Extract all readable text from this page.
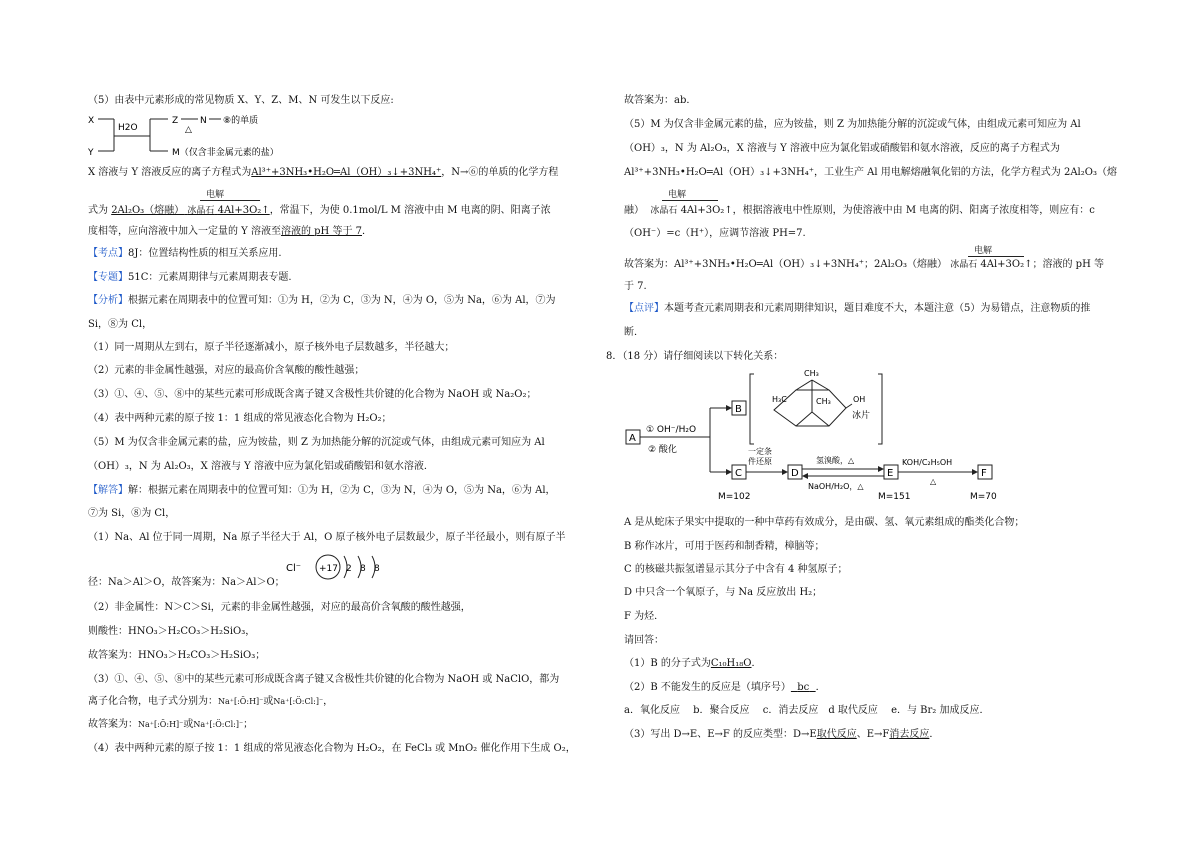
（5）由表中元素形成的常见物质 X、Y、Z、M、N 可发生以下反应:
X
Y
H2O
Z
△
N ⑧的单质
M（仅含非金属元素的盐）
X 溶液与 Y 溶液反应的离子方程式为Al³⁺+3NH₃•H₂O═Al（OH）₃↓+3NH₄⁺，N→⑥的单质的化学方程
电解
式为 2Al₂O₃（熔融） 冰晶石 4Al+3O₂↑，常温下，为使 0.1mol/L M 溶液中由 M 电离的阴、阳离子浓
度相等，应向溶液中加入一定量的 Y 溶液至溶液的 pH 等于 7．
【考点】8J：位置结构性质的相互关系应用.
【专题】51C：元素周期律与元素周期表专题.
【分析】根据元素在周期表中的位置可知：①为 H，②为 C，③为 N，④为 O，⑤为 Na，⑥为 Al，⑦为
Si，⑧为 Cl，
（1）同一周期从左到右，原子半径逐渐减小，原子核外电子层数越多，半径越大；
（2）元素的非金属性越强，对应的最高价含氧酸的酸性越强；
（3）①、④、⑤、⑧中的某些元素可形成既含离子键又含极性共价键的化合物为 NaOH 或 Na₂O₂；
（4）表中两种元素的原子按 1：1 组成的常见液态化合物为 H₂O₂；
（5）M 为仅含非金属元素的盐，应为铵盐，则 Z 为加热能分解的沉淀或气体，由组成元素可知应为 Al
（OH）₃，N 为 Al₂O₃，X 溶液与 Y 溶液中应为氯化铝或硝酸铝和氨水溶液．
【解答】解：根据元素在周期表中的位置可知：①为 H，②为 C，③为 N，④为 O，⑤为 Na，⑥为 Al，
⑦为 Si，⑧为 Cl，
（1）Na、Al 位于同一周期，Na 原子半径大于 Al，O 原子核外电子层数最少，原子半径最小，则有原子半
Cl⁻ +17 2 8 8
径：Na＞Al＞O，故答案为：Na＞Al＞O；
（2）非金属性：N＞C＞Si，元素的非金属性越强，对应的最高价含氧酸的酸性越强，
则酸性：HNO₃＞H₂CO₃＞H₂SiO₃，
故答案为：HNO₃＞H₂CO₃＞H₂SiO₃；
（3）①、④、⑤、⑧中的某些元素可形成既含离子键又含极性共价键的化合物为 NaOH 或 NaClO，都为
离子化合物，电子式分别为：Na⁺[:Ö:H]⁻或Na⁺[:Ö:Cl:]⁻，
故答案为：Na⁺[:Ö:H]⁻或Na⁺[:Ö:Cl:]⁻；
（4）表中两种元素的原子按 1：1 组成的常见液态化合物为 H₂O₂，在 FeCl₃ 或 MnO₂ 催化作用下生成 O₂，
故答案为：ab．
（5）M 为仅含非金属元素的盐，应为铵盐，则 Z 为加热能分解的沉淀或气体，由组成元素可知应为 Al
（OH）₃，N 为 Al₂O₃，X 溶液与 Y 溶液中应为氯化铝或硝酸铝和氨水溶液，反应的离子方程式为
Al³⁺+3NH₃•H₂O═Al（OH）₃↓+3NH₄⁺，工业生产 Al 用电解熔融氧化铝的方法，化学方程式为 2Al₂O₃（熔
电解
融） 冰晶石 4Al+3O₂↑，根据溶液电中性原则，为使溶液中由 M 电离的阴、阳离子浓度相等，则应有：c
（OH⁻）=c（H⁺），应调节溶液 PH=7.
电解
故答案为：Al³⁺+3NH₃•H₂O═Al（OH）₃↓+3NH₄⁺；2Al₂O₃（熔融） 冰晶石 4Al+3O₂↑；溶液的 pH 等
于 7.
【点评】本题考查元素周期表和元素周期律知识，题目难度不大，本题注意（5）为易错点，注意物质的推
断．
8．（18 分）请仔细阅读以下转化关系：
A
① OH⁻/H₂O
② 酸化
B
CH₃
H₃C	CH₃	OH
冰片
C
一定条
件还原
D
氢溴酸，△
NaOH/H₂O，△
E
KOH/C₂H₅OH
△
F
M=102	M=151	M=70
A 是从蛇床子果实中提取的一种中草药有效成分，是由碳、氢、氧元素组成的酯类化合物；
B 称作冰片，可用于医药和制香精，樟脑等；
C 的核磁共振氢谱显示其分子中含有 4 种氢原子；
D 中只含一个氧原子，与 Na 反应放出 H₂；
F 为烃．
请回答：
（1）B 的分子式为C₁₀H₁₈O．
（2）B 不能发生的反应是（填序号） bc ．
a．氧化反应　 b．聚合反应　 c．消去反应　d 取代反应　 e．与 Br₂ 加成反应．
（3）写出 D→E、E→F 的反应类型：D→E取代反应、E→F消去反应．
